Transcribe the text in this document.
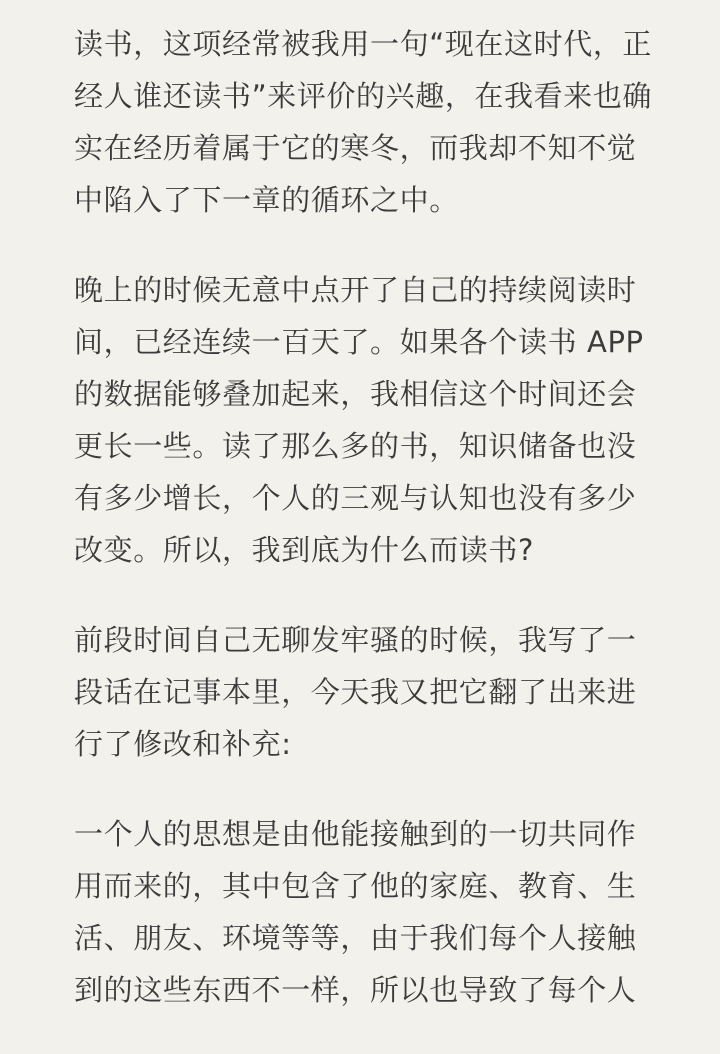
读书，这项经常被我用一句“现在这时代，正
经人谁还读书”来评价的兴趣，在我看来也确
实在经历着属于它的寒冬，而我却不知不觉
中陷入了下一章的循环之中。
晚上的时候无意中点开了自己的持续阅读时
间，已经连续一百天了。如果各个读书 APP
的数据能够叠加起来，我相信这个时间还会
更长一些。读了那么多的书，知识储备也没
有多少增长，个人的三观与认知也没有多少
改变。所以，我到底为什么而读书?
前段时间自己无聊发牢骚的时候，我写了一
段话在记事本里，今天我又把它翻了出来进
行了修改和补充:
一个人的思想是由他能接触到的一切共同作
用而来的，其中包含了他的家庭、教育、生
活、朋友、环境等等，由于我们每个人接触
到的这些东西不一样，所以也导致了每个人
